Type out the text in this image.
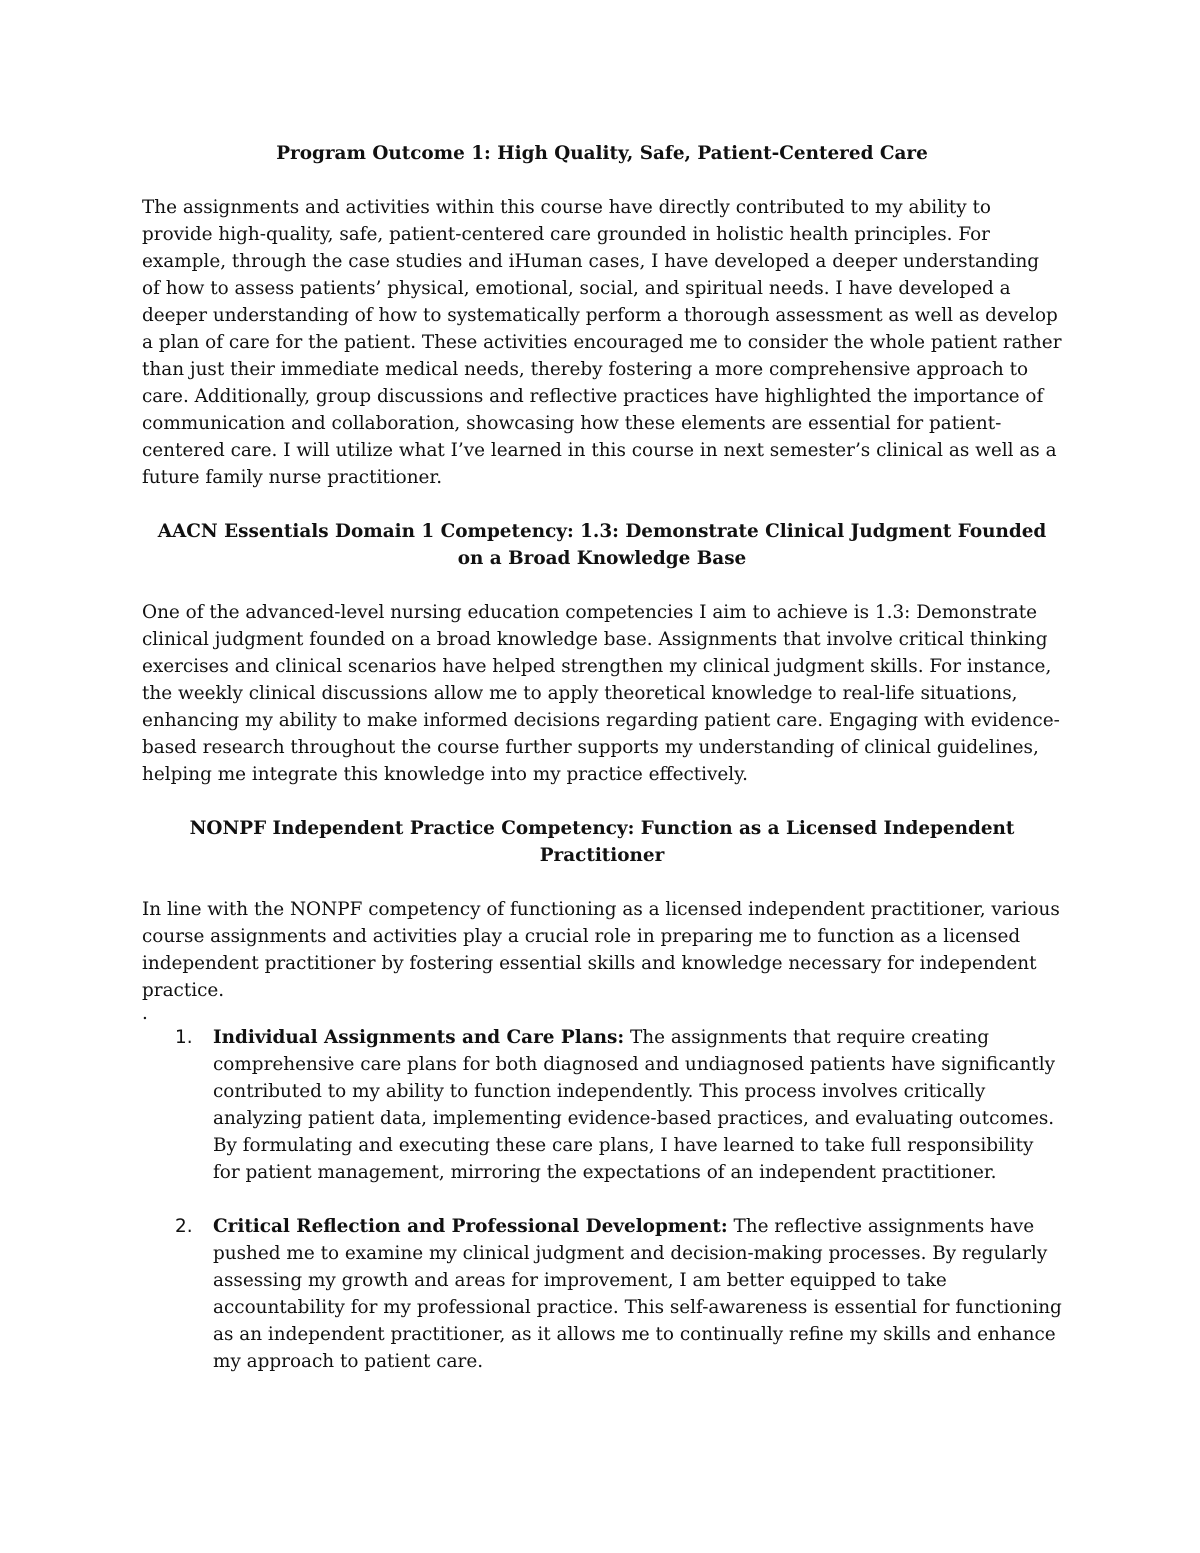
Program Outcome 1: High Quality, Safe, Patient-Centered Care

The assignments and activities within this course have directly contributed to my ability to provide high-quality, safe, patient-centered care grounded in holistic health principles. For example, through the case studies and iHuman cases, I have developed a deeper understanding of how to assess patients’ physical, emotional, social, and spiritual needs. I have developed a deeper understanding of how to systematically perform a thorough assessment as well as develop a plan of care for the patient. These activities encouraged me to consider the whole patient rather than just their immediate medical needs, thereby fostering a more comprehensive approach to care. Additionally, group discussions and reflective practices have highlighted the importance of communication and collaboration, showcasing how these elements are essential for patient-centered care. I will utilize what I’ve learned in this course in next semester’s clinical as well as a future family nurse practitioner.

AACN Essentials Domain 1 Competency: 1.3: Demonstrate Clinical Judgment Founded on a Broad Knowledge Base

One of the advanced-level nursing education competencies I aim to achieve is 1.3: Demonstrate clinical judgment founded on a broad knowledge base. Assignments that involve critical thinking exercises and clinical scenarios have helped strengthen my clinical judgment skills. For instance, the weekly clinical discussions allow me to apply theoretical knowledge to real-life situations, enhancing my ability to make informed decisions regarding patient care. Engaging with evidence-based research throughout the course further supports my understanding of clinical guidelines, helping me integrate this knowledge into my practice effectively.

NONPF Independent Practice Competency: Function as a Licensed Independent Practitioner

In line with the NONPF competency of functioning as a licensed independent practitioner, various course assignments and activities play a crucial role in preparing me to function as a licensed independent practitioner by fostering essential skills and knowledge necessary for independent practice.

.
1. Individual Assignments and Care Plans: The assignments that require creating comprehensive care plans for both diagnosed and undiagnosed patients have significantly contributed to my ability to function independently. This process involves critically analyzing patient data, implementing evidence-based practices, and evaluating outcomes. By formulating and executing these care plans, I have learned to take full responsibility for patient management, mirroring the expectations of an independent practitioner.
2. Critical Reflection and Professional Development: The reflective assignments have pushed me to examine my clinical judgment and decision-making processes. By regularly assessing my growth and areas for improvement, I am better equipped to take accountability for my professional practice. This self-awareness is essential for functioning as an independent practitioner, as it allows me to continually refine my skills and enhance my approach to patient care.
